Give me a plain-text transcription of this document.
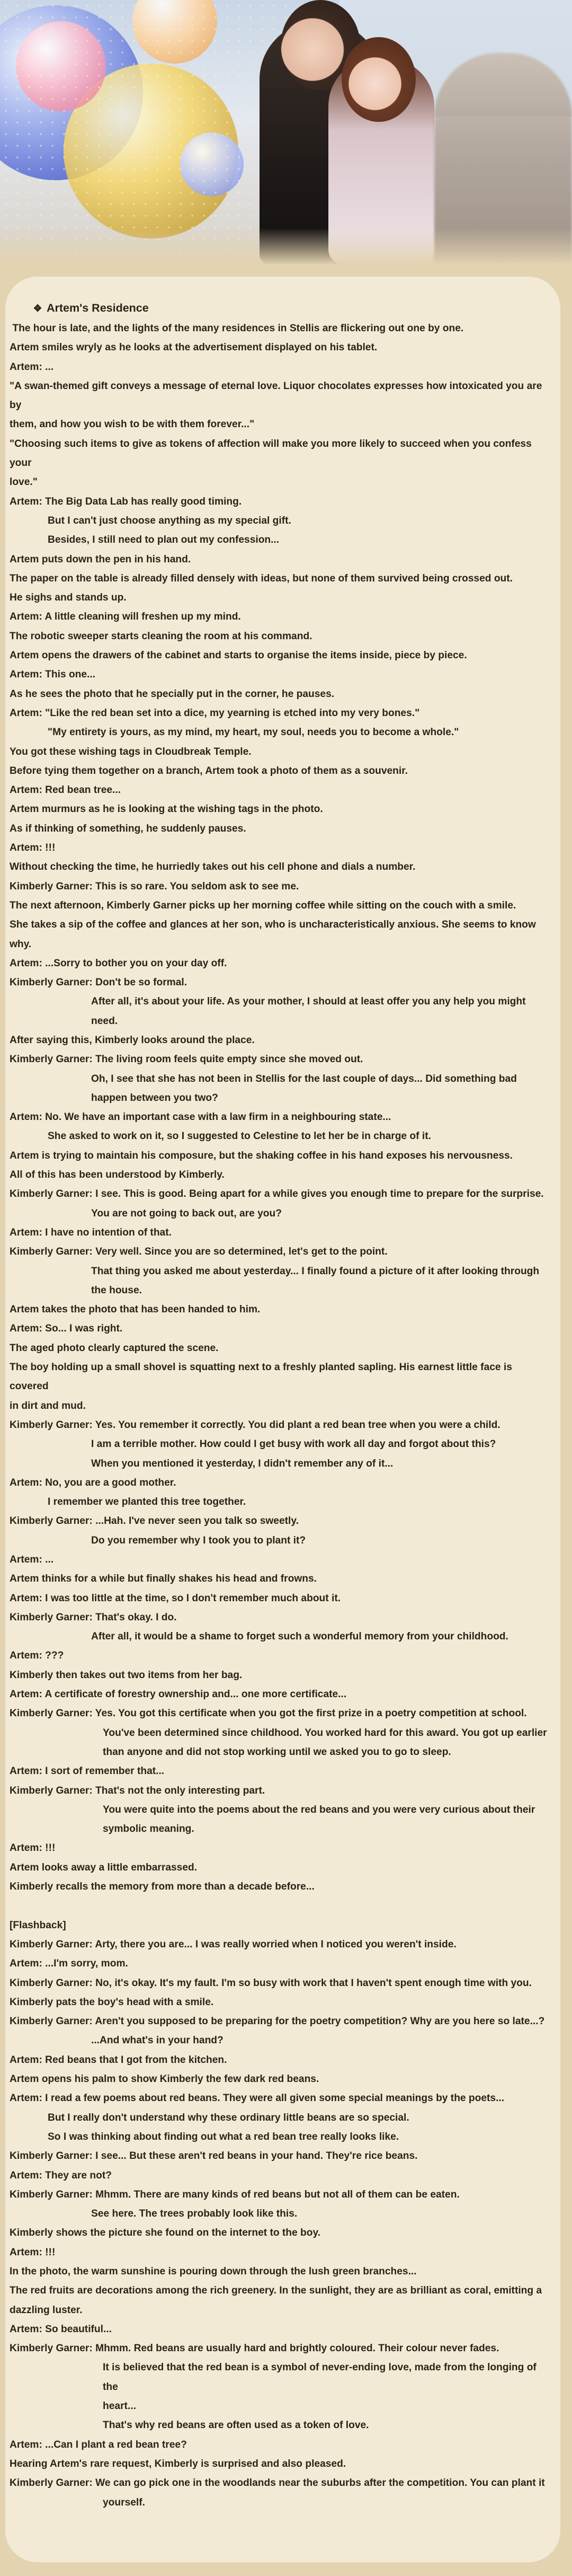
❖ Artem's Residence
The hour is late, and the lights of the many residences in Stellis are flickering out one by one.
Artem smiles wryly as he looks at the advertisement displayed on his tablet.
Artem: ...
"A swan-themed gift conveys a message of eternal love. Liquor chocolates expresses how intoxicated you are by
them, and how you wish to be with them forever..."
"Choosing such items to give as tokens of affection will make you more likely to succeed when you confess your
love."
Artem: The Big Data Lab has really good timing.
But I can't just choose anything as my special gift.
Besides, I still need to plan out my confession...
Artem puts down the pen in his hand.
The paper on the table is already filled densely with ideas, but none of them survived being crossed out.
He sighs and stands up.
Artem: A little cleaning will freshen up my mind.
The robotic sweeper starts cleaning the room at his command.
Artem opens the drawers of the cabinet and starts to organise the items inside, piece by piece.
Artem: This one...
As he sees the photo that he specially put in the corner, he pauses.
Artem: "Like the red bean set into a dice, my yearning is etched into my very bones."
"My entirety is yours, as my mind, my heart, my soul, needs you to become a whole."
You got these wishing tags in Cloudbreak Temple.
Before tying them together on a branch, Artem took a photo of them as a souvenir.
Artem: Red bean tree...
Artem murmurs as he is looking at the wishing tags in the photo.
As if thinking of something, he suddenly pauses.
Artem: !!!
Without checking the time, he hurriedly takes out his cell phone and dials a number.
Kimberly Garner: This is so rare. You seldom ask to see me.
The next afternoon, Kimberly Garner picks up her morning coffee while sitting on the couch with a smile.
She takes a sip of the coffee and glances at her son, who is uncharacteristically anxious. She seems to know why.
Artem: ...Sorry to bother you on your day off.
Kimberly Garner: Don't be so formal.
After all, it's about your life. As your mother, I should at least offer you any help you might
need.
After saying this, Kimberly looks around the place.
Kimberly Garner: The living room feels quite empty since she moved out.
Oh, I see that she has not been in Stellis for the last couple of days... Did something bad
happen between you two?
Artem: No. We have an important case with a law firm in a neighbouring state...
She asked to work on it, so I suggested to Celestine to let her be in charge of it.
Artem is trying to maintain his composure, but the shaking coffee in his hand exposes his nervousness.
All of this has been understood by Kimberly.
Kimberly Garner: I see. This is good. Being apart for a while gives you enough time to prepare for the surprise.
You are not going to back out, are you?
Artem: I have no intention of that.
Kimberly Garner: Very well. Since you are so determined, let's get to the point.
That thing you asked me about yesterday... I finally found a picture of it after looking through
the house.
Artem takes the photo that has been handed to him.
Artem: So... I was right.
The aged photo clearly captured the scene.
The boy holding up a small shovel is squatting next to a freshly planted sapling. His earnest little face is covered
in dirt and mud.
Kimberly Garner: Yes. You remember it correctly. You did plant a red bean tree when you were a child.
I am a terrible mother. How could I get busy with work all day and forgot about this?
When you mentioned it yesterday, I didn't remember any of it...
Artem: No, you are a good mother.
I remember we planted this tree together.
Kimberly Garner: ...Hah. I've never seen you talk so sweetly.
Do you remember why I took you to plant it?
Artem: ...
Artem thinks for a while but finally shakes his head and frowns.
Artem: I was too little at the time, so I don't remember much about it.
Kimberly Garner: That's okay. I do.
After all, it would be a shame to forget such a wonderful memory from your childhood.
Artem: ???
Kimberly then takes out two items from her bag.
Artem: A certificate of forestry ownership and... one more certificate...
Kimberly Garner: Yes. You got this certificate when you got the first prize in a poetry competition at school.
You've been determined since childhood. You worked hard for this award. You got up earlier
than anyone and did not stop working until we asked you to go to sleep.
Artem: I sort of remember that...
Kimberly Garner: That's not the only interesting part.
You were quite into the poems about the red beans and you were very curious about their
symbolic meaning.
Artem: !!!
Artem looks away a little embarrassed.
Kimberly recalls the memory from more than a decade before...
[Flashback]
Kimberly Garner: Arty, there you are... I was really worried when I noticed you weren't inside.
Artem: ...I'm sorry, mom.
Kimberly Garner: No, it's okay. It's my fault. I'm so busy with work that I haven't spent enough time with you.
Kimberly pats the boy's head with a smile.
Kimberly Garner: Aren't you supposed to be preparing for the poetry competition? Why are you here so late...?
...And what's in your hand?
Artem: Red beans that I got from the kitchen.
Artem opens his palm to show Kimberly the few dark red beans.
Artem: I read a few poems about red beans. They were all given some special meanings by the poets...
But I really don't understand why these ordinary little beans are so special.
So I was thinking about finding out what a red bean tree really looks like.
Kimberly Garner: I see... But these aren't red beans in your hand. They're rice beans.
Artem: They are not?
Kimberly Garner: Mhmm. There are many kinds of red beans but not all of them can be eaten.
See here. The trees probably look like this.
Kimberly shows the picture she found on the internet to the boy.
Artem: !!!
In the photo, the warm sunshine is pouring down through the lush green branches...
The red fruits are decorations among the rich greenery. In the sunlight, they are as brilliant as coral, emitting a
dazzling luster.
Artem: So beautiful...
Kimberly Garner: Mhmm. Red beans are usually hard and brightly coloured. Their colour never fades.
It is believed that the red bean is a symbol of never-ending love, made from the longing of the
heart...
That's why red beans are often used as a token of love.
Artem: ...Can I plant a red bean tree?
Hearing Artem's rare request, Kimberly is surprised and also pleased.
Kimberly Garner: We can go pick one in the woodlands near the suburbs after the competition. You can plant it
yourself.
